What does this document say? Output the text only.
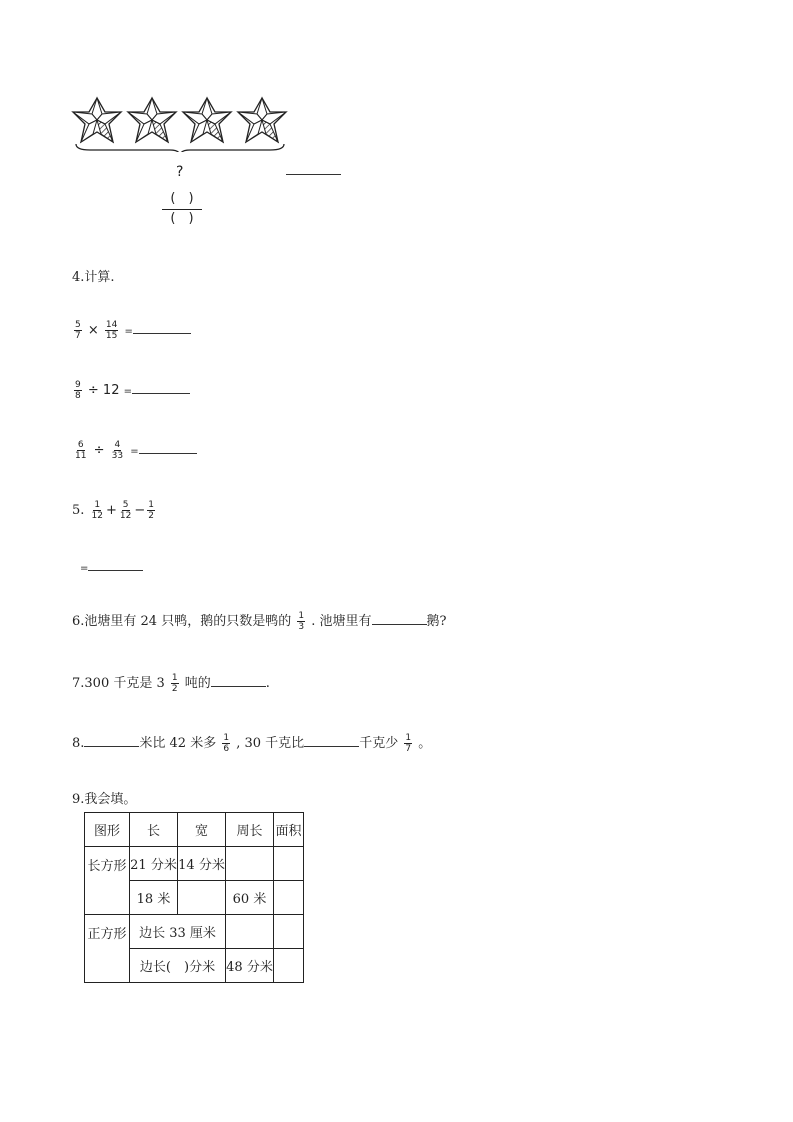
?
(　)
(　)
4.计算.
$\frac{5}{7} \times \frac{14}{15}$ =
$\frac{9}{8} \div 12$ =
$\frac{6}{11} \div \frac{4}{33}$ =
5. $\frac{1}{12} + \frac{5}{12} - \frac{1}{2}$
=
6.池塘里有 24 只鸭，鹅的只数是鸭的 $\frac{1}{3}$ . 池塘里有	鹅?
7.300 千克是 $3 \frac{1}{2}$ 吨的	.
8.	米比 42 米多 $\frac{1}{6}$ , 30 千克比	千克少 $\frac{1}{7}$ 。
9.我会填。
图形	长	宽	周长	面积
长方形	21 分米	14 分米		
	18 米		60 米	
正方形	边长 33 厘米			
	边长(　)分米		48 分米	
